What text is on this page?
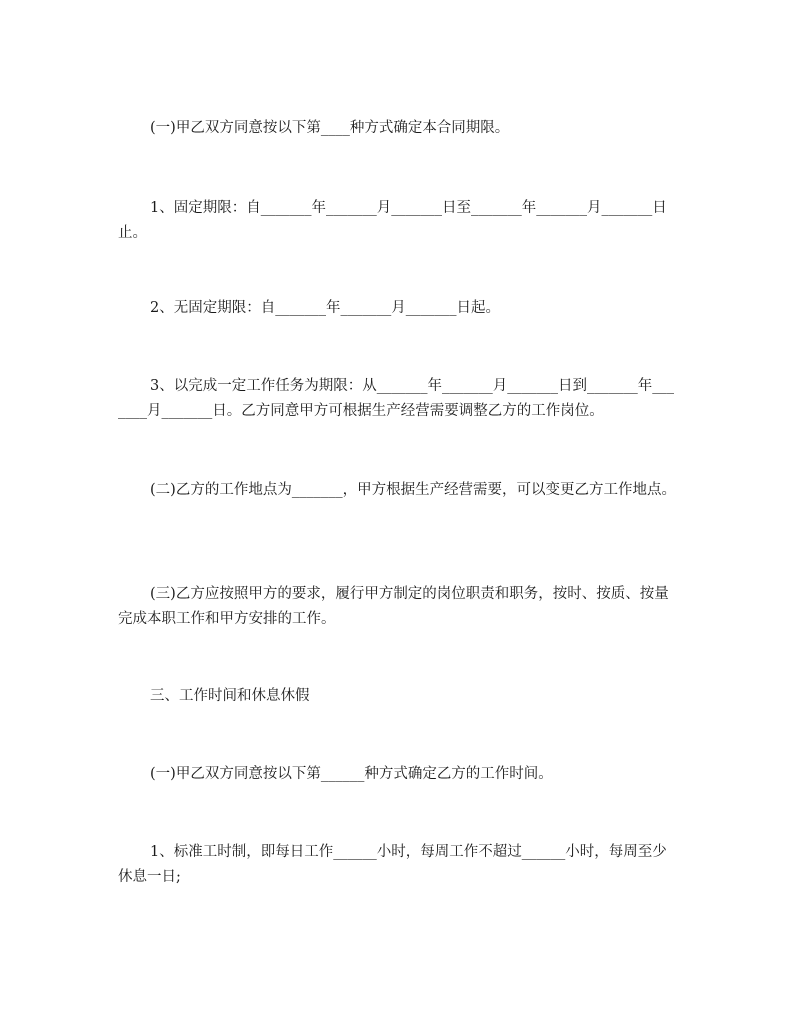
(一)甲乙双方同意按以下第____种方式确定本合同期限。

1、固定期限：自_______年_______月_______日至_______年_______月_______日止。

2、无固定期限：自_______年_______月_______日起。

3、以完成一定工作任务为期限：从_______年_______月_______日到_______年_______月_______日。乙方同意甲方可根据生产经营需要调整乙方的工作岗位。

(二)乙方的工作地点为_______，甲方根据生产经营需要，可以变更乙方工作地点。

(三)乙方应按照甲方的要求，履行甲方制定的岗位职责和职务，按时、按质、按量完成本职工作和甲方安排的工作。

三、工作时间和休息休假

(一)甲乙双方同意按以下第______种方式确定乙方的工作时间。

1、标准工时制，即每日工作______小时，每周工作不超过______小时，每周至少休息一日;
